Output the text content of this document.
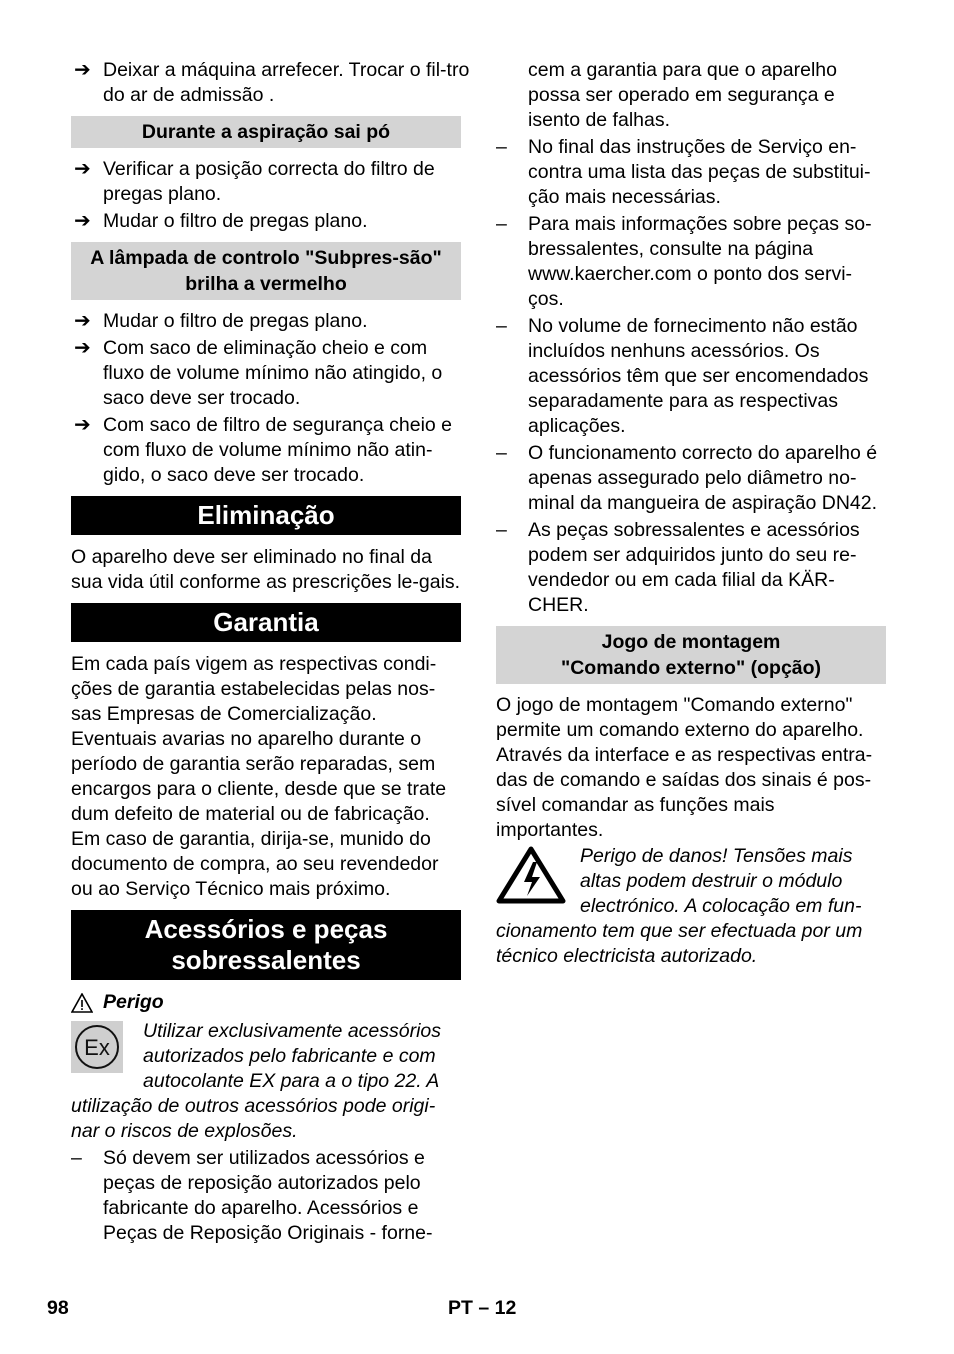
➔ Deixar a máquina arrefecer. Trocar o fil-tro do ar de admissão .
Durante a aspiração sai pó
➔ Verificar a posição correcta do filtro de pregas plano.
➔ Mudar o filtro de pregas plano.
A lâmpada de controlo "Subpres-são" brilha a vermelho
➔ Mudar o filtro de pregas plano.
➔ Com saco de eliminação cheio e com fluxo de volume mínimo não atingido, o saco deve ser trocado.
➔ Com saco de filtro de segurança cheio e com fluxo de volume mínimo não atin-gido, o saco deve ser trocado.
Eliminação

O aparelho deve ser eliminado no final da sua vida útil conforme as prescrições le-gais.

Garantia

Em cada país vigem as respectivas condi-ções de garantia estabelecidas pelas nos-sas Empresas de Comercialização. Eventuais avarias no aparelho durante o período de garantia serão reparadas, sem encargos para o cliente, desde que se trate dum defeito de material ou de fabricação. Em caso de garantia, dirija-se, munido do documento de compra, ao seu revendedor ou ao Serviço Técnico mais próximo.

Acessórios e peças sobressalentes
Perigo
Ex

Utilizar exclusivamente acessórios autorizados pelo fabricante e com autocolante EX para a o tipo 22. A utilização de outros acessórios pode origi-nar o riscos de explosões.

– Só devem ser utilizados acessórios e peças de reposição autorizados pelo fabricante do aparelho. Acessórios e Peças de Reposição Originais - forne-
cem a garantia para que o aparelho possa ser operado em segurança e isento de falhas.
– No final das instruções de Serviço en-contra uma lista das peças de substitui-ção mais necessárias.
– Para mais informações sobre peças so-bressalentes, consulte na página www.kaercher.com o ponto dos servi-ços.
– No volume de fornecimento não estão incluídos nenhuns acessórios. Os acessórios têm que ser encomendados separadamente para as respectivas aplicações.
– O funcionamento correcto do aparelho é apenas assegurado pelo diâmetro no-minal da mangueira de aspiração DN42.
– As peças sobressalentes e acessórios podem ser adquiridos junto do seu re-vendedor ou em cada filial da KÄR-CHER.
Jogo de montagem
"Comando externo" (opção)

O jogo de montagem "Comando externo" permite um comando externo do aparelho. Através da interface e as respectivas entra-das de comando e saídas dos sinais é pos-sível comandar as funções mais importantes.

Perigo de danos! Tensões mais altas podem destruir o módulo electrónico. A colocação em fun-cionamento tem que ser efectuada por um técnico electricista autorizado.

98	PT – 12
